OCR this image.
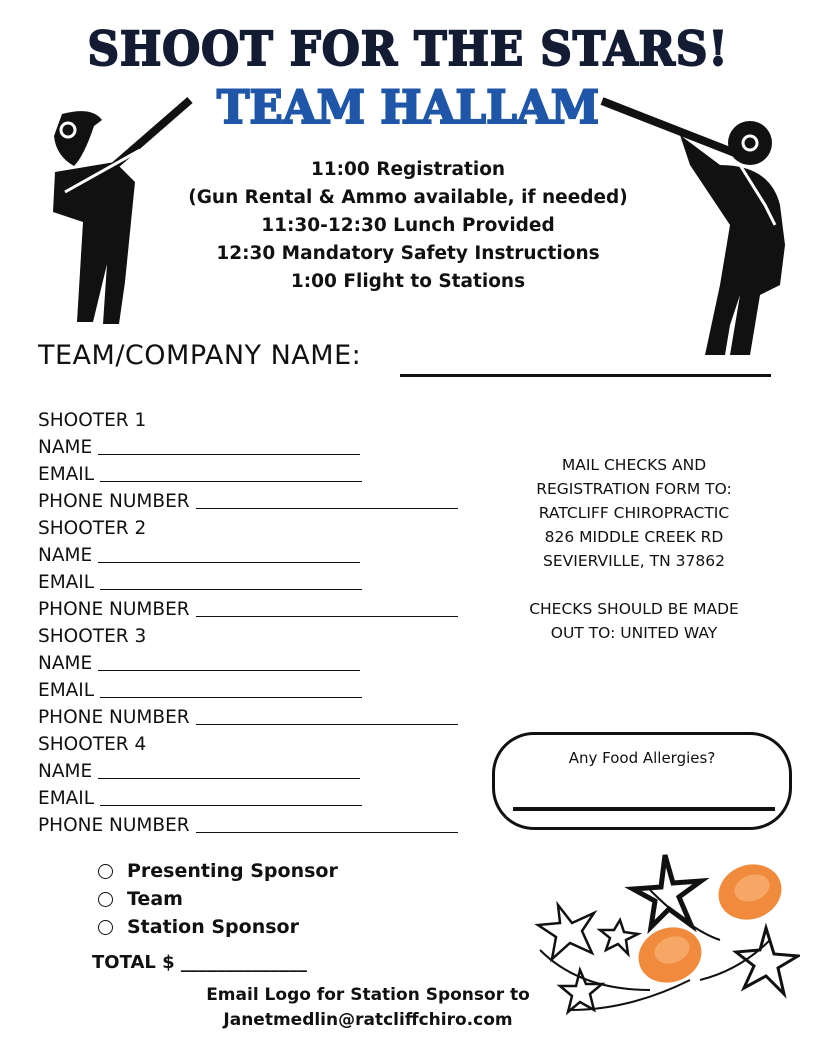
SHOOT FOR THE STARS!
TEAM HALLAM
11:00 Registration
(Gun Rental & Ammo available, if needed)
11:30-12:30 Lunch Provided
12:30 Mandatory Safety Instructions
1:00 Flight to Stations
TEAM/COMPANY NAME:
SHOOTER 1
NAME
EMAIL
PHONE NUMBER
SHOOTER 2
NAME
EMAIL
PHONE NUMBER
SHOOTER 3
NAME
EMAIL
PHONE NUMBER
SHOOTER 4
NAME
EMAIL
PHONE NUMBER
MAIL CHECKS AND
REGISTRATION FORM TO:
RATCLIFF CHIROPRACTIC
826 MIDDLE CREEK RD
SEVIERVILLE, TN 37862
CHECKS SHOULD BE MADE
OUT TO: UNITED WAY
Any Food Allergies?
Presenting Sponsor
Team
Station Sponsor
TOTAL $ ______________
Email Logo for Station Sponsor to
Janetmedlin@ratcliffchiro.com
